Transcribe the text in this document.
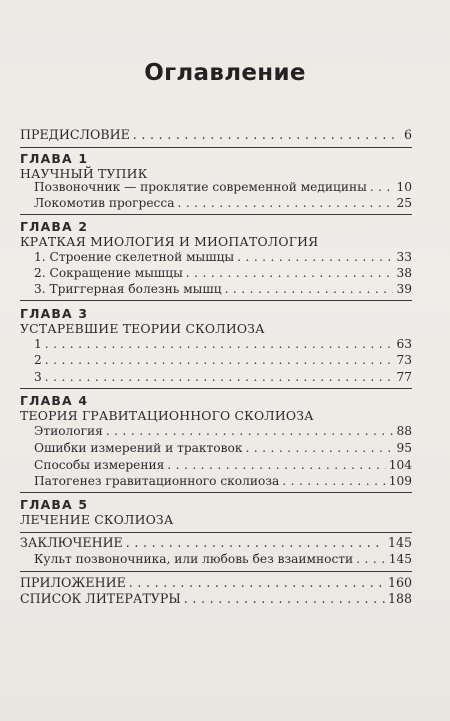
Оглавление
ПРЕДИСЛОВИЕ . . .	6
ГЛАВА 1
НАУЧНЫЙ ТУПИК
Позвоночник — проклятие современной медицины . . . 10
Локомотив прогресса . . .	25
ГЛАВА 2
КРАТКАЯ МИОЛОГИЯ И МИОПАТОЛОГИЯ
1. Строение скелетной мышцы . . .	33
2. Сокращение мышцы . . .	38
3. Триггерная болезнь мышц . . .	39
ГЛАВА 3
УСТАРЕВШИЕ ТЕОРИИ СКОЛИОЗА
1 . . .	63
2 . . .	73
3 . . .	77
ГЛАВА 4
ТЕОРИЯ ГРАВИТАЦИОННОГО СКОЛИОЗА
Этиология . . .	88
Ошибки измерений и трактовок . . .	95
Способы измерения . . .	104
Патогенез гравитационного сколиоза . . .	109
ГЛАВА 5
ЛЕЧЕНИЕ СКОЛИОЗА
ЗАКЛЮЧЕНИЕ . . .	145
Культ позвоночника, или любовь без взаимности . . .	145
ПРИЛОЖЕНИЕ . . .	160
СПИСОК ЛИТЕРАТУРЫ . . .	188
